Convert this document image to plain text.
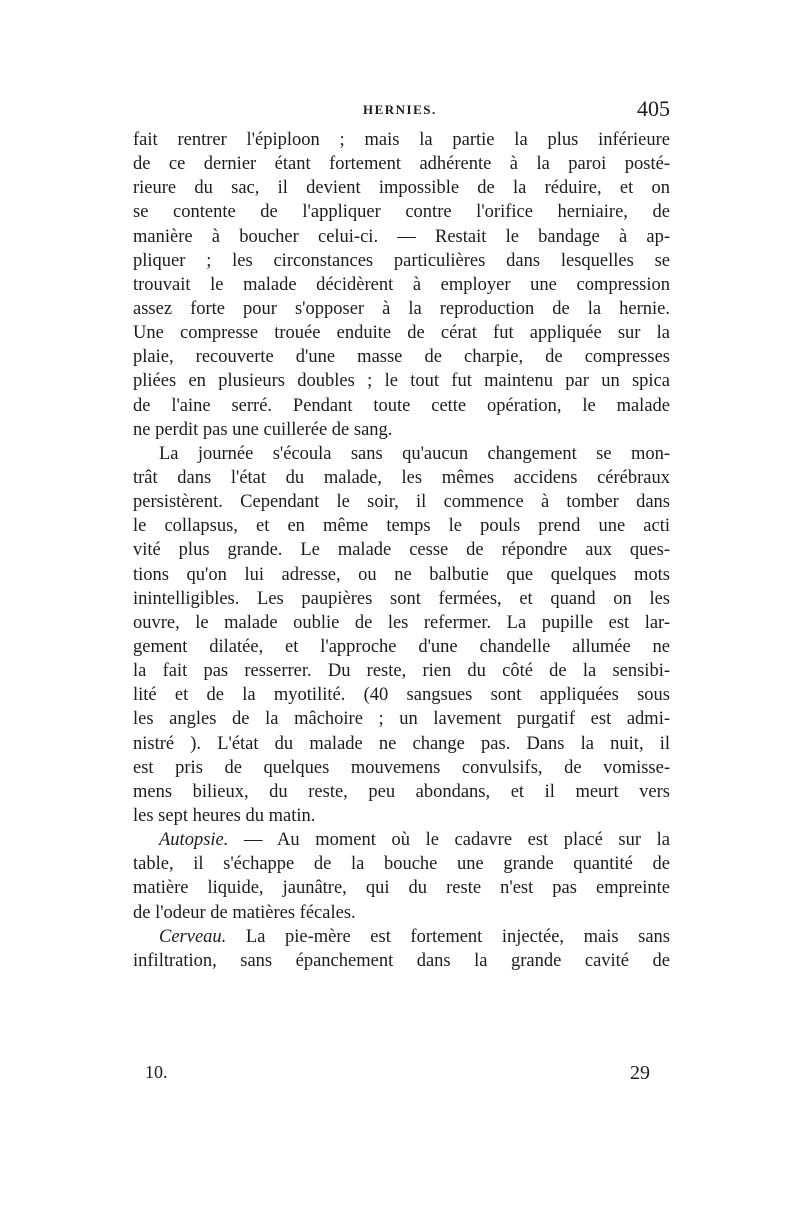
HERNIES.	405
fait rentrer l'épiploon ; mais la partie la plus inférieure
de ce dernier étant fortement adhérente à la paroi posté-
rieure du sac, il devient impossible de la réduire, et on
se contente de l'appliquer contre l'orifice herniaire, de
manière à boucher celui-ci. — Restait le bandage à ap-
pliquer ; les circonstances particulières dans lesquelles se
trouvait le malade décidèrent à employer une compression
assez forte pour s'opposer à la reproduction de la hernie.
Une compresse trouée enduite de cérat fut appliquée sur la
plaie, recouverte d'une masse de charpie, de compresses
pliées en plusieurs doubles ; le tout fut maintenu par un spica
de l'aine serré. Pendant toute cette opération, le malade
ne perdit pas une cuillerée de sang.
La journée s'écoula sans qu'aucun changement se mon-
trât dans l'état du malade, les mêmes accidens cérébraux
persistèrent. Cependant le soir, il commence à tomber dans
le collapsus, et en même temps le pouls prend une acti
vité plus grande. Le malade cesse de répondre aux ques-
tions qu'on lui adresse, ou ne balbutie que quelques mots
inintelligibles. Les paupières sont fermées, et quand on les
ouvre, le malade oublie de les refermer. La pupille est lar-
gement dilatée, et l'approche d'une chandelle allumée ne
la fait pas resserrer. Du reste, rien du côté de la sensibi-
lité et de la myotilité. (40 sangsues sont appliquées sous
les angles de la mâchoire ; un lavement purgatif est admi-
nistré ). L'état du malade ne change pas. Dans la nuit, il
est pris de quelques mouvemens convulsifs, de vomisse-
mens bilieux, du reste, peu abondans, et il meurt vers
les sept heures du matin.
Autopsie. — Au moment où le cadavre est placé sur la
table, il s'échappe de la bouche une grande quantité de
matière liquide, jaunâtre, qui du reste n'est pas empreinte
de l'odeur de matières fécales.
Cerveau. La pie-mère est fortement injectée, mais sans
infiltration, sans épanchement dans la grande cavité de
10.	29
